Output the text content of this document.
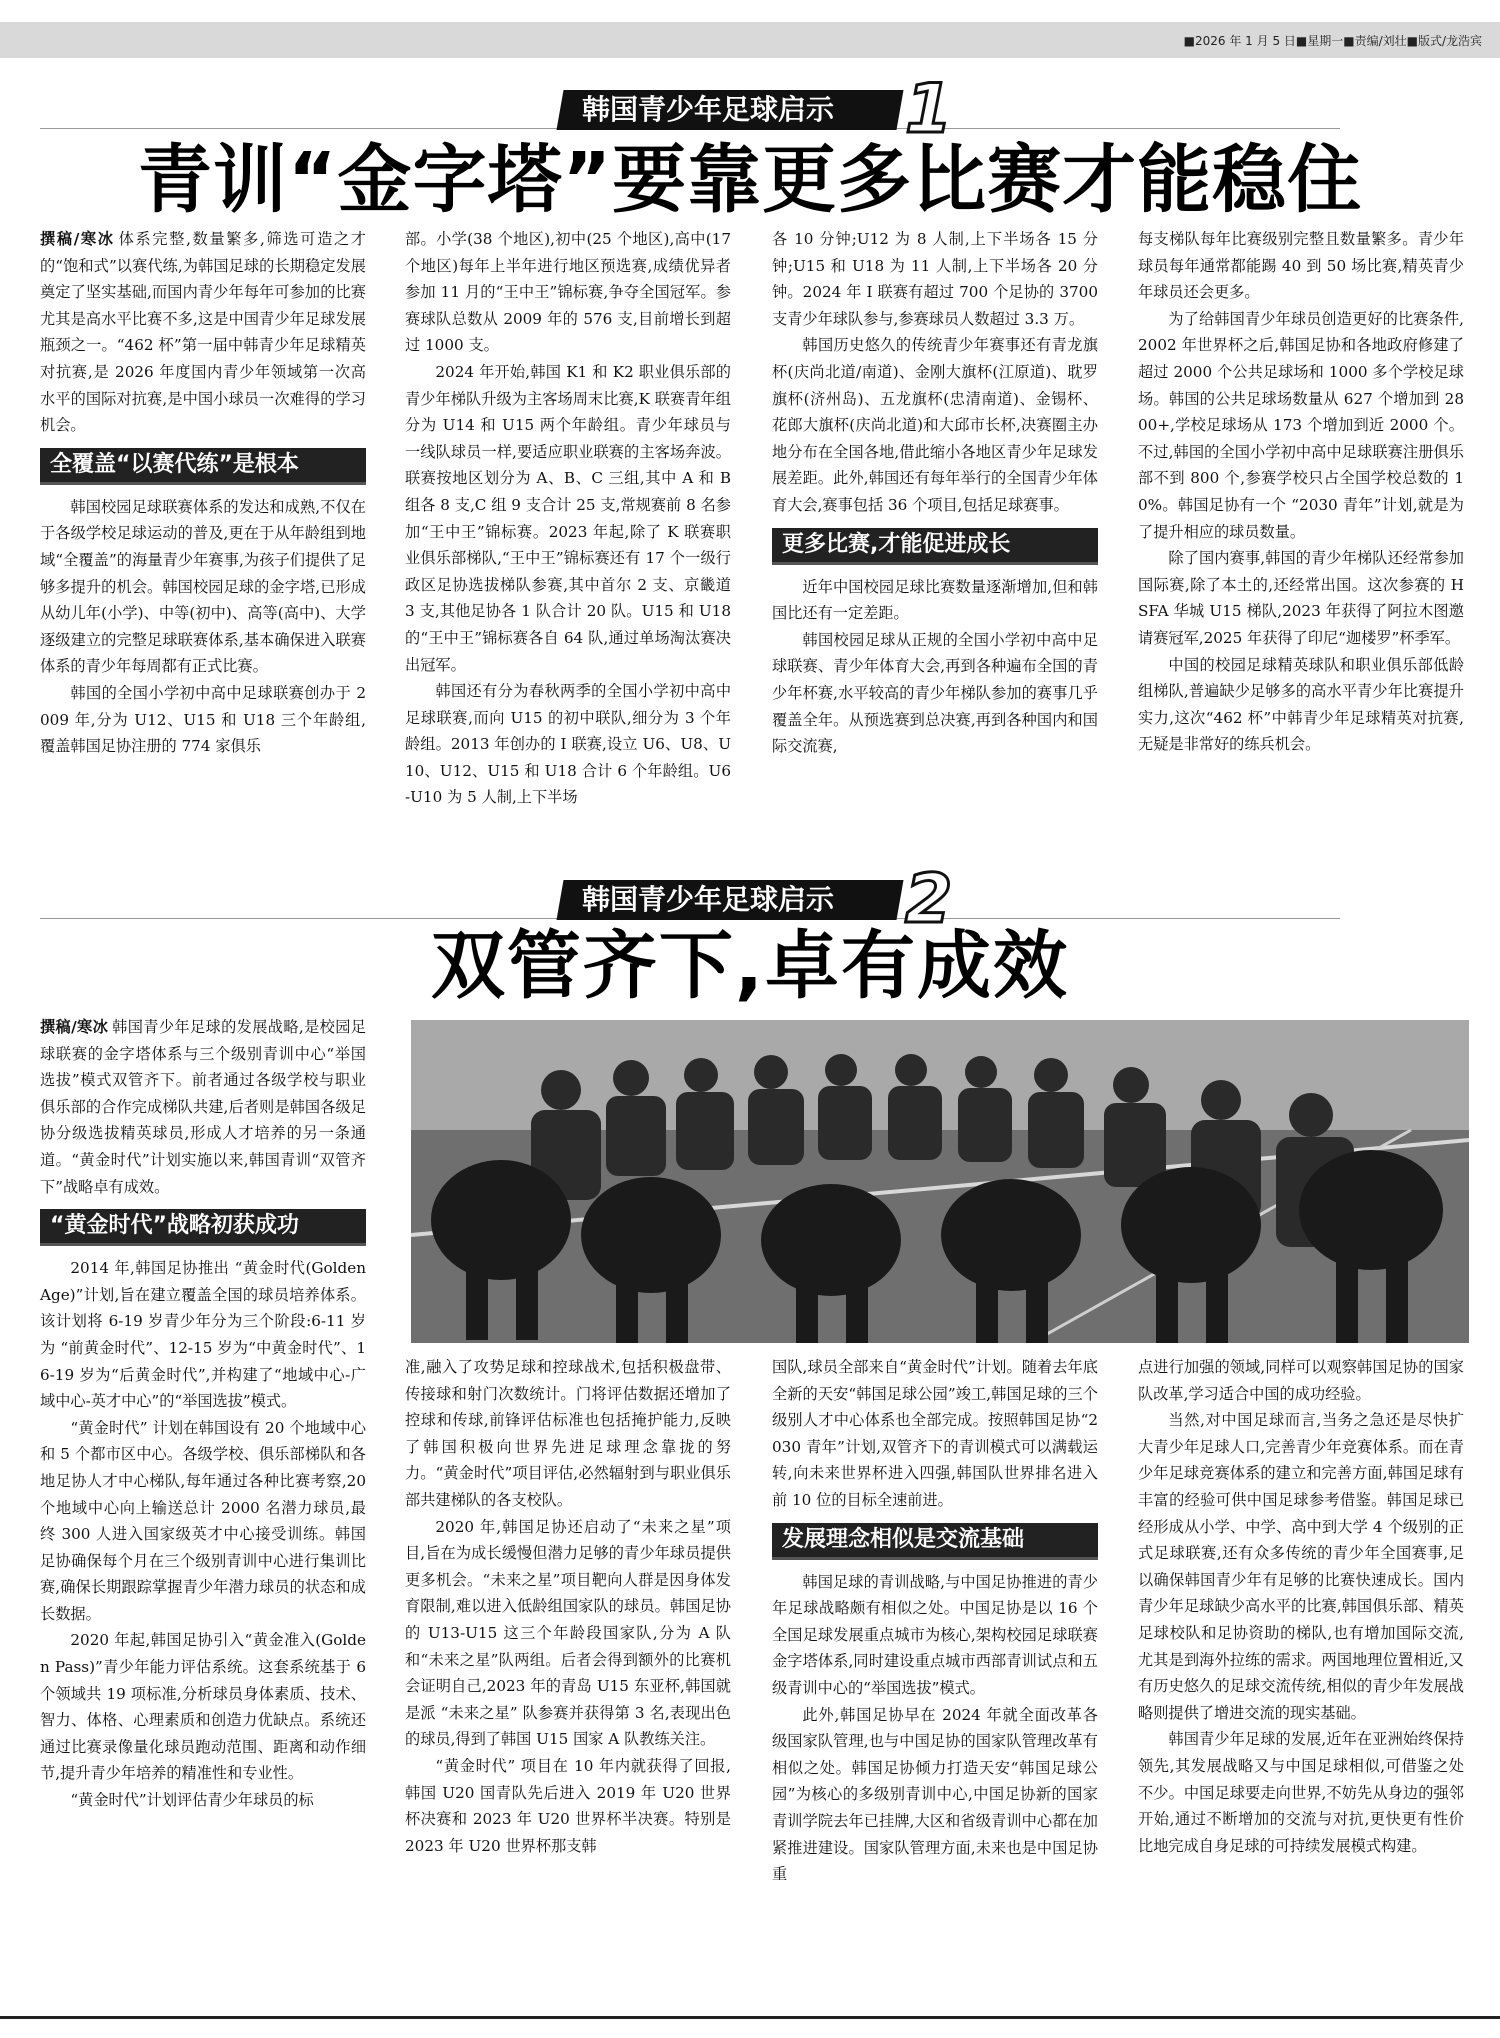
■2026 年 1 月 5 日■星期一■责编/刘壮■版式/龙浩宾
韩国青少年足球启示 1
青训“金字塔”要靠更多比赛才能稳住

撰稿/寒冰 体系完整,数量繁多,筛选可造之才的“饱和式”以赛代练,为韩国足球的长期稳定发展奠定了坚实基础,而国内青少年每年可参加的比赛尤其是高水平比赛不多,这是中国青少年足球发展瓶颈之一。“462 杯”第一届中韩青少年足球精英对抗赛,是 2026 年度国内青少年领域第一次高水平的国际对抗赛,是中国小球员一次难得的学习机会。

全覆盖“以赛代练”是根本

韩国校园足球联赛体系的发达和成熟,不仅在于各级学校足球运动的普及,更在于从年龄组到地域“全覆盖”的海量青少年赛事,为孩子们提供了足够多提升的机会。韩国校园足球的金字塔,已形成从幼儿年(小学)、中等(初中)、高等(高中)、大学逐级建立的完整足球联赛体系,基本确保进入联赛体系的青少年每周都有正式比赛。

韩国的全国小学初中高中足球联赛创办于 2009 年,分为 U12、U15 和 U18 三个年龄组,覆盖韩国足协注册的 774 家俱乐

部。小学(38 个地区),初中(25 个地区),高中(17 个地区)每年上半年进行地区预选赛,成绩优异者参加 11 月的“王中王”锦标赛,争夺全国冠军。参赛球队总数从 2009 年的 576 支,目前增长到超过 1000 支。

2024 年开始,韩国 K1 和 K2 职业俱乐部的青少年梯队升级为主客场周末比赛,K 联赛青年组分为 U14 和 U15 两个年龄组。青少年球员与一线队球员一样,要适应职业联赛的主客场奔波。联赛按地区划分为 A、B、C 三组,其中 A 和 B 组各 8 支,C 组 9 支合计 25 支,常规赛前 8 名参加“王中王”锦标赛。2023 年起,除了 K 联赛职业俱乐部梯队,“王中王”锦标赛还有 17 个一级行政区足协选拔梯队参赛,其中首尔 2 支、京畿道 3 支,其他足协各 1 队合计 20 队。U15 和 U18 的“王中王”锦标赛各自 64 队,通过单场淘汰赛决出冠军。

韩国还有分为春秋两季的全国小学初中高中足球联赛,而向 U15 的初中联队,细分为 3 个年龄组。2013 年创办的 I 联赛,设立 U6、U8、U10、U12、U15 和 U18 合计 6 个年龄组。U6-U10 为 5 人制,上下半场

各 10 分钟;U12 为 8 人制,上下半场各 15 分钟;U15 和 U18 为 11 人制,上下半场各 20 分钟。2024 年 I 联赛有超过 700 个足协的 3700 支青少年球队参与,参赛球员人数超过 3.3 万。

韩国历史悠久的传统青少年赛事还有青龙旗杯(庆尚北道/南道)、金刚大旗杯(江原道)、耽罗旗杯(济州岛)、五龙旗杯(忠清南道)、金锡杯、花郎大旗杯(庆尚北道)和大邱市长杯,决赛圈主办地分布在全国各地,借此缩小各地区青少年足球发展差距。此外,韩国还有每年举行的全国青少年体育大会,赛事包括 36 个项目,包括足球赛事。

更多比赛,才能促进成长

近年中国校园足球比赛数量逐渐增加,但和韩国比还有一定差距。

韩国校园足球从正规的全国小学初中高中足球联赛、青少年体育大会,再到各种遍布全国的青少年杯赛,水平较高的青少年梯队参加的赛事几乎覆盖全年。从预选赛到总决赛,再到各种国内和国际交流赛,

每支梯队每年比赛级别完整且数量繁多。青少年球员每年通常都能踢 40 到 50 场比赛,精英青少年球员还会更多。

为了给韩国青少年球员创造更好的比赛条件,2002 年世界杯之后,韩国足协和各地政府修建了超过 2000 个公共足球场和 1000 多个学校足球场。韩国的公共足球场数量从 627 个增加到 2800+,学校足球场从 173 个增加到近 2000 个。不过,韩国的全国小学初中高中足球联赛注册俱乐部不到 800 个,参赛学校只占全国学校总数的 10%。韩国足协有一个 “2030 青年”计划,就是为了提升相应的球员数量。

除了国内赛事,韩国的青少年梯队还经常参加国际赛,除了本土的,还经常出国。这次参赛的 HSFA 华城 U15 梯队,2023 年获得了阿拉木图邀请赛冠军,2025 年获得了印尼“迦楼罗”杯季军。

中国的校园足球精英球队和职业俱乐部低龄组梯队,普遍缺少足够多的高水平青少年比赛提升实力,这次“462 杯”中韩青少年足球精英对抗赛,无疑是非常好的练兵机会。

韩国青少年足球启示 2
双管齐下,卓有成效

撰稿/寒冰 韩国青少年足球的发展战略,是校园足球联赛的金字塔体系与三个级别青训中心“举国选拔”模式双管齐下。前者通过各级学校与职业俱乐部的合作完成梯队共建,后者则是韩国各级足协分级选拔精英球员,形成人才培养的另一条通道。“黄金时代”计划实施以来,韩国青训“双管齐下”战略卓有成效。

“黄金时代”战略初获成功

2014 年,韩国足协推出 “黄金时代(Golden Age)”计划,旨在建立覆盖全国的球员培养体系。该计划将 6-19 岁青少年分为三个阶段:6-11 岁为 “前黄金时代”、12-15 岁为“中黄金时代”、16-19 岁为“后黄金时代”,并构建了“地域中心-广域中心-英才中心”的“举国选拔”模式。

“黄金时代” 计划在韩国设有 20 个地域中心和 5 个都市区中心。各级学校、俱乐部梯队和各地足协人才中心梯队,每年通过各种比赛考察,20 个地域中心向上输送总计 2000 名潜力球员,最终 300 人进入国家级英才中心接受训练。韩国足协确保每个月在三个级别青训中心进行集训比赛,确保长期跟踪掌握青少年潜力球员的状态和成长数据。

2020 年起,韩国足协引入“黄金准入(Golden Pass)”青少年能力评估系统。这套系统基于 6 个领域共 19 项标准,分析球员身体素质、技术、智力、体格、心理素质和创造力优缺点。系统还通过比赛录像量化球员跑动范围、距离和动作细节,提升青少年培养的精准性和专业性。

“黄金时代”计划评估青少年球员的标

准,融入了攻势足球和控球战术,包括积极盘带、传接球和射门次数统计。门将评估数据还增加了控球和传球,前锋评估标准也包括掩护能力,反映了韩国积极向世界先进足球理念靠拢的努力。“黄金时代”项目评估,必然辐射到与职业俱乐部共建梯队的各支校队。

2020 年,韩国足协还启动了“未来之星”项目,旨在为成长缓慢但潜力足够的青少年球员提供更多机会。“未来之星”项目靶向人群是因身体发育限制,难以进入低龄组国家队的球员。韩国足协的 U13-U15 这三个年龄段国家队,分为 A 队和“未来之星”队两组。后者会得到额外的比赛机会证明自己,2023 年的青岛 U15 东亚杯,韩国就是派 “未来之星” 队参赛并获得第 3 名,表现出色的球员,得到了韩国 U15 国家 A 队教练关注。

“黄金时代” 项目在 10 年内就获得了回报,韩国 U20 国青队先后进入 2019 年 U20 世界杯决赛和 2023 年 U20 世界杯半决赛。特别是 2023 年 U20 世界杯那支韩

国队,球员全部来自“黄金时代”计划。随着去年底全新的天安“韩国足球公园”竣工,韩国足球的三个级别人才中心体系也全部完成。按照韩国足协“2030 青年”计划,双管齐下的青训模式可以满载运转,向未来世界杯进入四强,韩国队世界排名进入前 10 位的目标全速前进。

发展理念相似是交流基础

韩国足球的青训战略,与中国足协推进的青少年足球战略颇有相似之处。中国足协是以 16 个全国足球发展重点城市为核心,架构校园足球联赛金字塔体系,同时建设重点城市西部青训试点和五级青训中心的“举国选拔”模式。

此外,韩国足协早在 2024 年就全面改革各级国家队管理,也与中国足协的国家队管理改革有相似之处。韩国足协倾力打造天安“韩国足球公园”为核心的多级别青训中心,中国足协新的国家青训学院去年已挂牌,大区和省级青训中心都在加紧推进建设。国家队管理方面,未来也是中国足协重

点进行加强的领域,同样可以观察韩国足协的国家队改革,学习适合中国的成功经验。

当然,对中国足球而言,当务之急还是尽快扩大青少年足球人口,完善青少年竞赛体系。而在青少年足球竞赛体系的建立和完善方面,韩国足球有丰富的经验可供中国足球参考借鉴。韩国足球已经形成从小学、中学、高中到大学 4 个级别的正式足球联赛,还有众多传统的青少年全国赛事,足以确保韩国青少年有足够的比赛快速成长。国内青少年足球缺少高水平的比赛,韩国俱乐部、精英足球校队和足协资助的梯队,也有增加国际交流,尤其是到海外拉练的需求。两国地理位置相近,又有历史悠久的足球交流传统,相似的青少年发展战略则提供了增进交流的现实基础。

韩国青少年足球的发展,近年在亚洲始终保持领先,其发展战略又与中国足球相似,可借鉴之处不少。中国足球要走向世界,不妨先从身边的强邻开始,通过不断增加的交流与对抗,更快更有性价比地完成自身足球的可持续发展模式构建。
